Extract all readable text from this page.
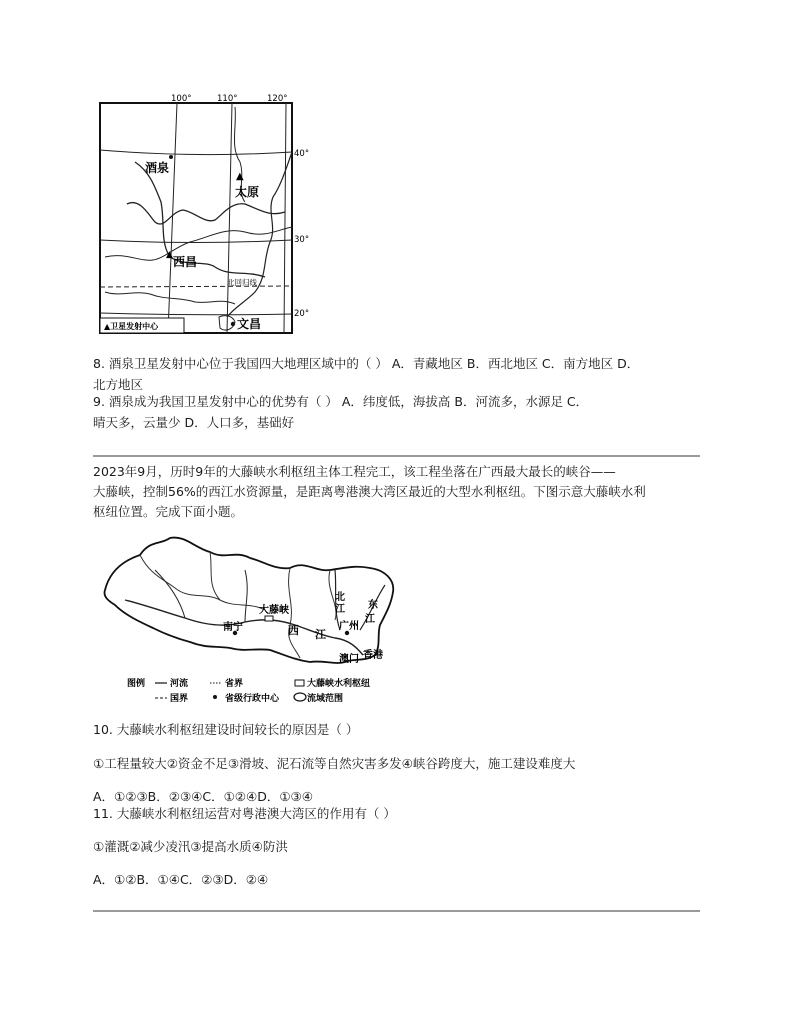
100°	110°	120°
40°
30°
20°
酒泉
▲
太原
▲ 西昌
北回归线
文昌
▲卫星发射中心
8. 酒泉卫星发射中心位于我国四大地理区域中的（ ） A．青藏地区 B．西北地区 C．南方地区 D．
北方地区
9. 酒泉成为我国卫星发射中心的优势有（ ） A．纬度低，海拔高 B．河流多，水源足 C．
晴天多，云量少 D．人口多，基础好
2023年9月，历时9年的大藤峡水利枢纽主体工程完工，该工程坐落在广西最大最长的峡谷——
大藤峡，控制56%的西江水资源量，是距离粤港澳大湾区最近的大型水利枢纽。下图示意大藤峡水利
枢纽位置。完成下面小题。
大藤峡
南宁	西 江
北
江 东
江
广州
澳门 香港
图例	河流	省界	大藤峡水利枢纽
国界	省级行政中心	流域范围
10. 大藤峡水利枢纽建设时间较长的原因是（ ）
①工程量较大②资金不足③滑坡、泥石流等自然灾害多发④峡谷跨度大，施工建设难度大
A．①②③B．②③④C．①②④D．①③④
11. 大藤峡水利枢纽运营对粤港澳大湾区的作用有（ ）
①灌溉②减少凌汛③提高水质④防洪
A．①②B．①④C．②③D．②④
